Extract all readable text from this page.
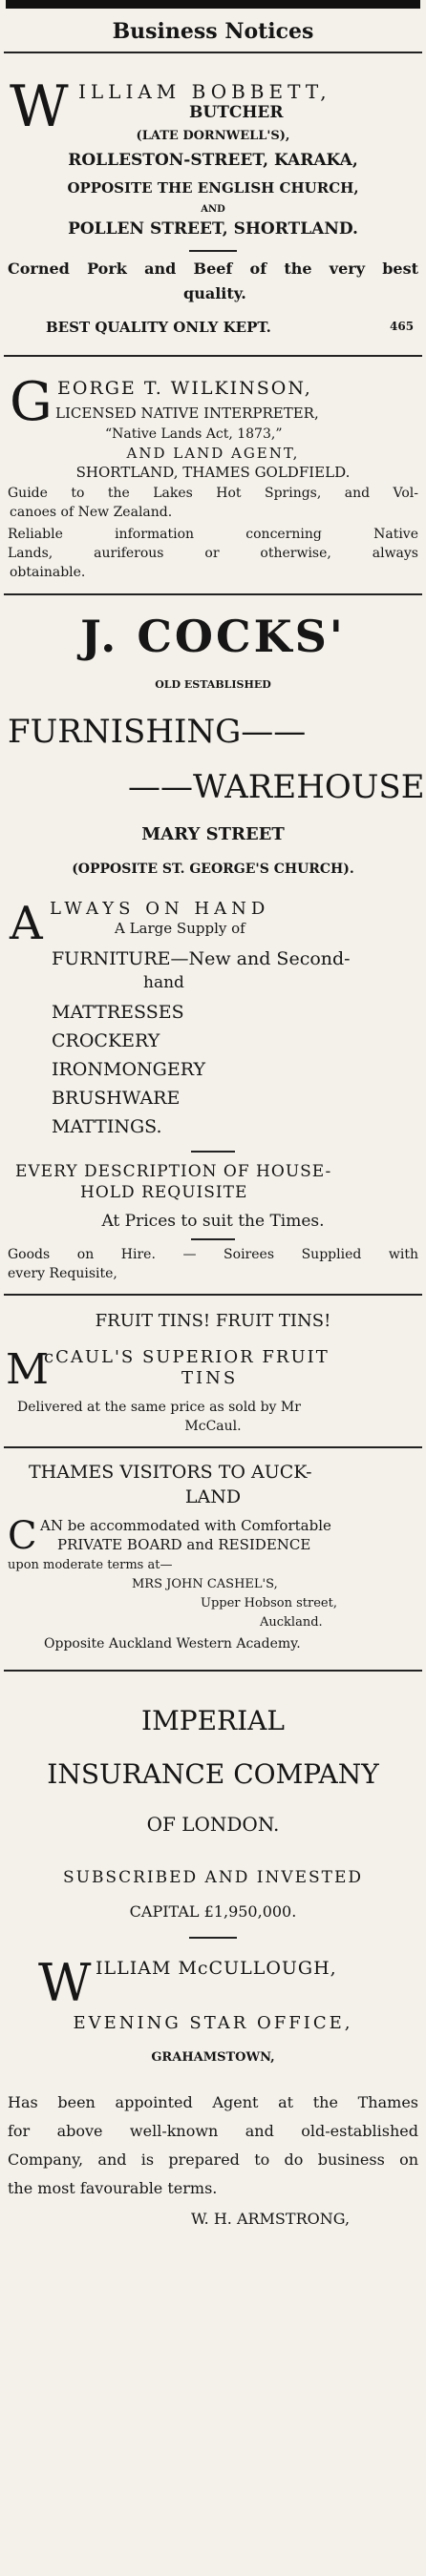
Business Notices
W ILLIAM BOBBETT,
BUTCHER
(LATE DORNWELL'S),
ROLLESTON-STREET, KARAKA,
OPPOSITE THE ENGLISH CHURCH,
AND
POLLEN STREET, SHORTLAND.
Corned Pork and Beef of the very best
quality.
BEST QUALITY ONLY KEPT.	465
G EORGE T. WILKINSON,
LICENSED NATIVE INTERPRETER,
“Native Lands Act, 1873,”
AND LAND AGENT,
SHORTLAND, THAMES GOLDFIELD.
Guide to the Lakes Hot Springs, and Vol-
canoes of New Zealand.
Reliable information concerning Native
Lands, auriferous or otherwise, always
obtainable.
J. COCKS'
OLD ESTABLISHED
FURNISHING——
——WAREHOUSE
MARY STREET
(OPPOSITE ST. GEORGE'S CHURCH).
A LWAYS ON HAND
A Large Supply of
FURNITURE—New and Second-
hand
MATTRESSES
CROCKERY
IRONMONGERY
BRUSHWARE
MATTINGS.
EVERY DESCRIPTION OF HOUSE-
HOLD REQUISITE
At Prices to suit the Times.
Goods on Hire. — Soirees Supplied with
every Requisite,
FRUIT TINS! FRUIT TINS!
M
cCAUL'S SUPERIOR FRUIT
TINS
Delivered at the same price as sold by Mr
McCaul.
THAMES VISITORS TO AUCK-
LAND
C AN be accommodated with Comfortable
PRIVATE BOARD and RESIDENCE
upon moderate terms at—
MRS JOHN CASHEL'S,
Upper Hobson street,
Auckland.
Opposite Auckland Western Academy.
IMPERIAL
INSURANCE COMPANY
OF LONDON.
SUBSCRIBED AND INVESTED
CAPITAL £1,950,000.
W ILLIAM McCULLOUGH,
EVENING STAR OFFICE,
GRAHAMSTOWN,
Has been appointed Agent at the Thames
for above well-known and old-established
Company, and is prepared to do business on
the most favourable terms.
W. H. ARMSTRONG,
